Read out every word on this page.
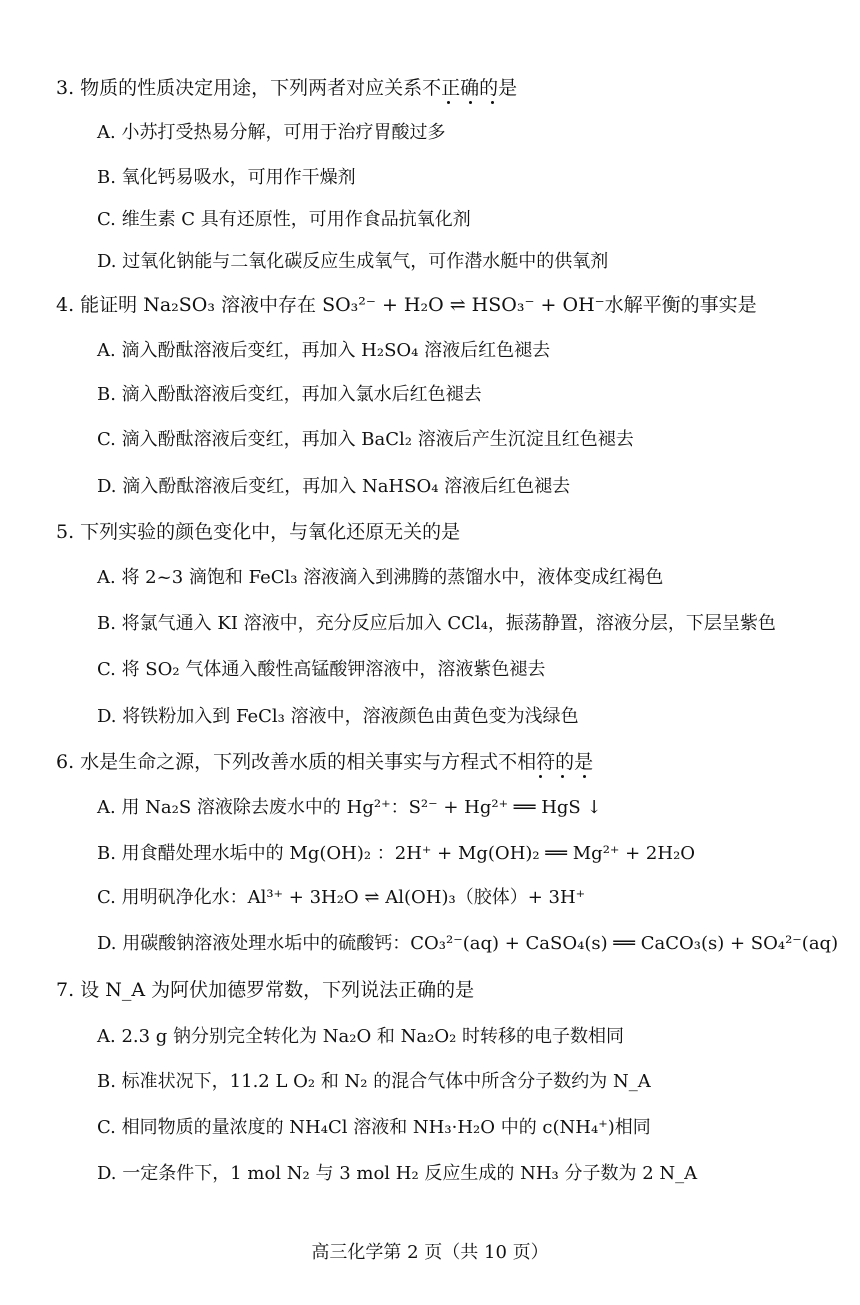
3. 物质的性质决定用途，下列两者对应关系不正确的是
A. 小苏打受热易分解，可用于治疗胃酸过多
B. 氧化钙易吸水，可用作干燥剂
C. 维生素 C 具有还原性，可用作食品抗氧化剂
D. 过氧化钠能与二氧化碳反应生成氧气，可作潜水艇中的供氧剂
4. 能证明 Na₂SO₃ 溶液中存在 SO₃²⁻ + H₂O ⇌ HSO₃⁻ + OH⁻水解平衡的事实是
A. 滴入酚酞溶液后变红，再加入 H₂SO₄ 溶液后红色褪去
B. 滴入酚酞溶液后变红，再加入氯水后红色褪去
C. 滴入酚酞溶液后变红，再加入 BaCl₂ 溶液后产生沉淀且红色褪去
D. 滴入酚酞溶液后变红，再加入 NaHSO₄ 溶液后红色褪去
5. 下列实验的颜色变化中，与氧化还原无关的是
A. 将 2~3 滴饱和 FeCl₃ 溶液滴入到沸腾的蒸馏水中，液体变成红褐色
B. 将氯气通入 KI 溶液中，充分反应后加入 CCl₄，振荡静置，溶液分层，下层呈紫色
C. 将 SO₂ 气体通入酸性高锰酸钾溶液中，溶液紫色褪去
D. 将铁粉加入到 FeCl₃ 溶液中，溶液颜色由黄色变为浅绿色
6. 水是生命之源，下列改善水质的相关事实与方程式不相符的是
A. 用 Na₂S 溶液除去废水中的 Hg²⁺：S²⁻ + Hg²⁺ ══ HgS ↓
B. 用食醋处理水垢中的 Mg(OH)₂ ：2H⁺ + Mg(OH)₂ ══ Mg²⁺ + 2H₂O
C. 用明矾净化水：Al³⁺ + 3H₂O ⇌ Al(OH)₃（胶体）+ 3H⁺
D. 用碳酸钠溶液处理水垢中的硫酸钙：CO₃²⁻(aq) + CaSO₄(s) ══ CaCO₃(s) + SO₄²⁻(aq)
7. 设 N_A 为阿伏加德罗常数，下列说法正确的是
A. 2.3 g 钠分别完全转化为 Na₂O 和 Na₂O₂ 时转移的电子数相同
B. 标准状况下，11.2 L O₂ 和 N₂ 的混合气体中所含分子数约为 N_A
C. 相同物质的量浓度的 NH₄Cl 溶液和 NH₃·H₂O 中的 c(NH₄⁺)相同
D. 一定条件下，1 mol N₂ 与 3 mol H₂ 反应生成的 NH₃ 分子数为 2 N_A
高三化学第 2 页（共 10 页）
